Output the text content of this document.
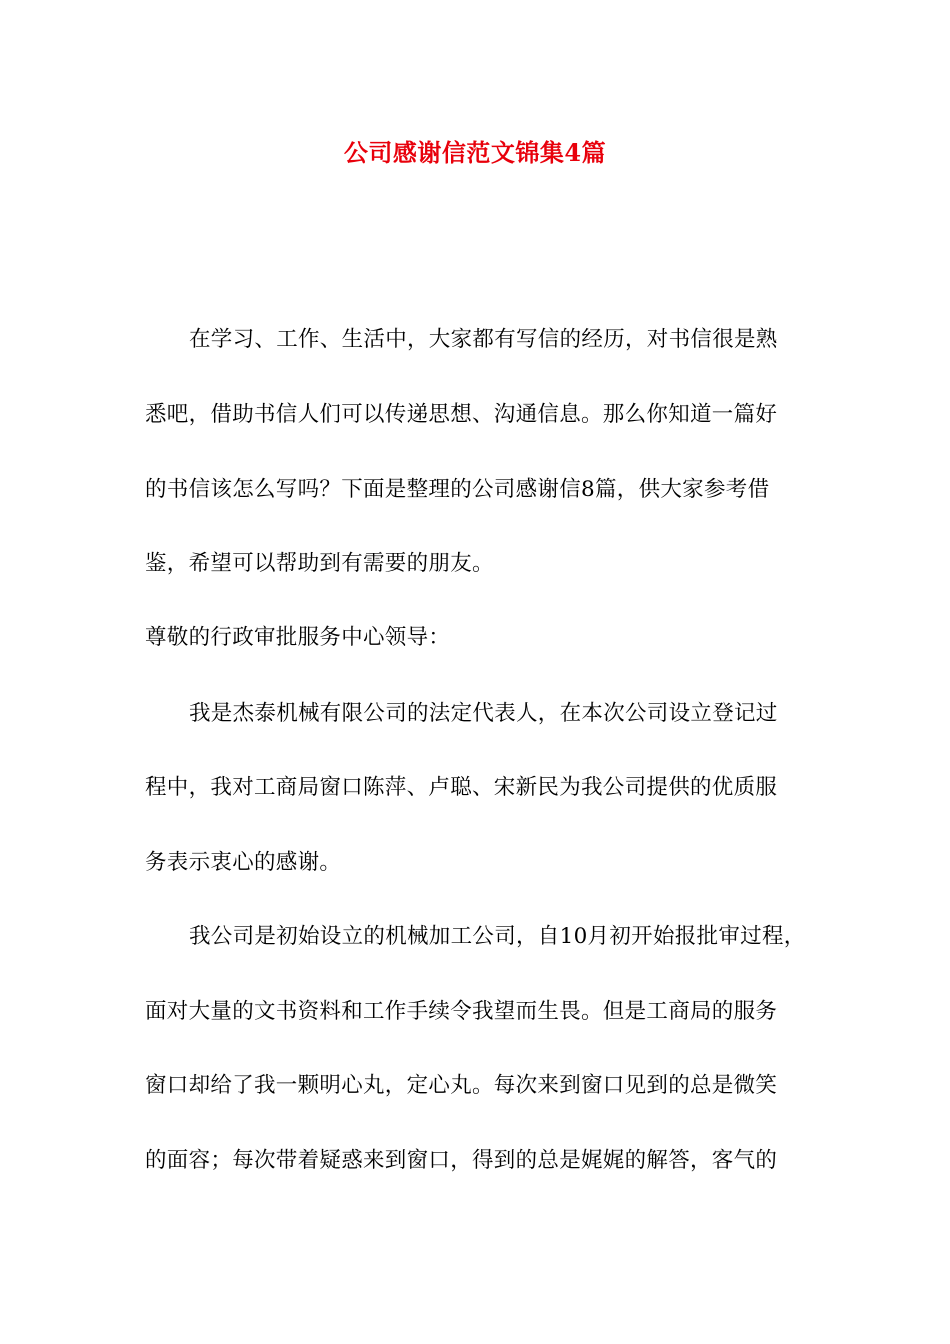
公司感谢信范文锦集4篇
在学习、工作、生活中，大家都有写信的经历，对书信很是熟
悉吧，借助书信人们可以传递思想、沟通信息。那么你知道一篇好
的书信该怎么写吗？下面是整理的公司感谢信8篇，供大家参考借
鉴，希望可以帮助到有需要的朋友。
尊敬的行政审批服务中心领导：
我是杰泰机械有限公司的法定代表人，在本次公司设立登记过
程中，我对工商局窗口陈萍、卢聪、宋新民为我公司提供的优质服
务表示衷心的感谢。
我公司是初始设立的机械加工公司，自10月初开始报批审过程，
面对大量的文书资料和工作手续令我望而生畏。但是工商局的服务
窗口却给了我一颗明心丸，定心丸。每次来到窗口见到的总是微笑
的面容；每次带着疑惑来到窗口，得到的总是娓娓的解答，客气的
